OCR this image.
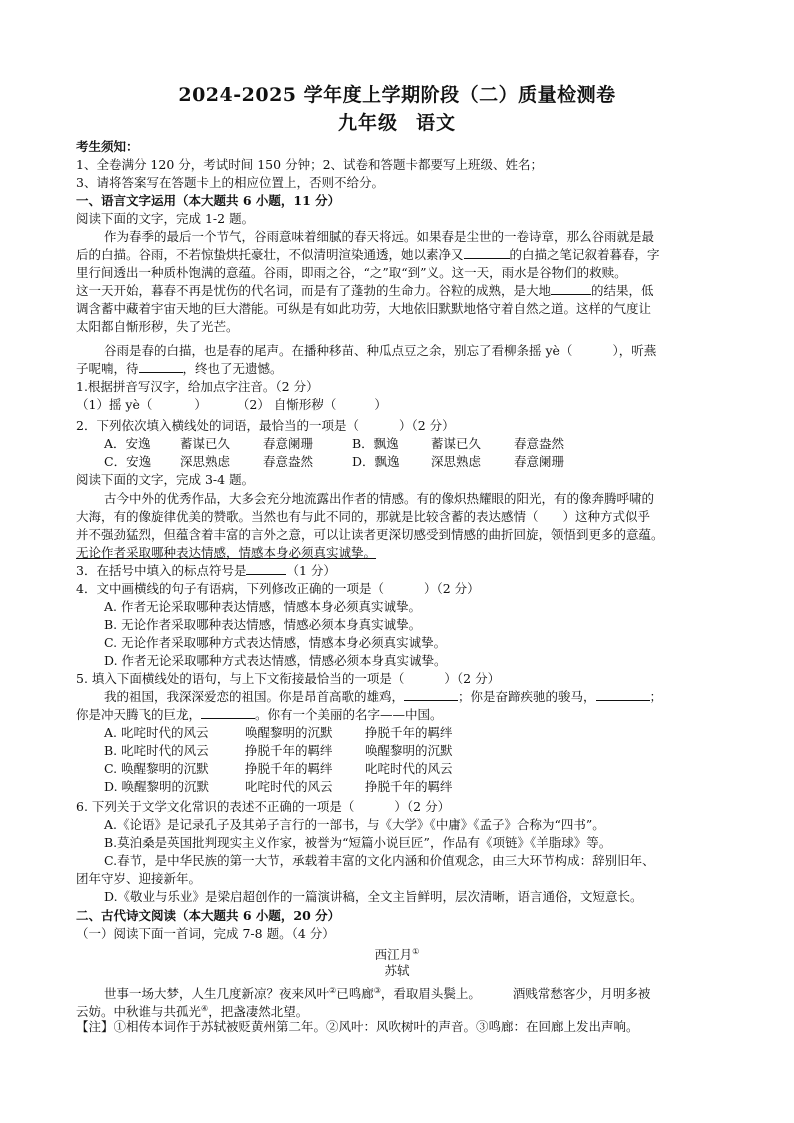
2024-2025 学年度上学期阶段（二）质量检测卷
九年级 语文
考生须知：
1、全卷满分 120 分，考试时间 150 分钟；2、试卷和答题卡都要写上班级、姓名；
3、请将答案写在答题卡上的相应位置上，否则不给分。
一、语言文字运用（本大题共 6 小题，11 分）
阅读下面的文字，完成 1-2 题。
作为春季的最后一个节气，谷雨意味着细腻的春天将远。如果春是尘世的一卷诗章，那么谷雨就是最
后的白描。谷雨，不若惊蛰烘托豪壮，不似清明渲染通透，她以素净又	的白描之笔记叙着暮春，字
里行间透出一种质朴饱满的意蕴。谷雨，即雨之谷，“之”取“到”义。这一天，雨水是谷物们的救赎。
这一天开始，暮春不再是忧伤的代名词，而是有了蓬勃的生命力。谷粒的成熟，是大地	的结果，低
调含蓄中藏着宇宙天地的巨大潜能。可纵是有如此功劳，大地依旧默默地恪守着自然之道。这样的气度让
太阳都自惭形秽，失了光芒。
谷雨是春的白描，也是春的尾声。在播种移苗、种瓜点豆之余，别忘了看柳条摇 yè（	），听燕
子呢喃，待	，终也了无遗憾。
1.根据拼音写汉字，给加点字注音。（2 分）
（1）摇 yè（	） （2） 自惭形秽（	）
2．下列依次填入横线处的词语，最恰当的一项是（	）（2 分）
A．安逸 蓄谋已久	春意阑珊	B．飘逸	蓄谋已久	春意盎然
C．安逸 深思熟虑	春意盎然	D．飘逸	深思熟虑	春意阑珊
阅读下面的文字，完成 3-4 题。
古今中外的优秀作品，大多会充分地流露出作者的情感。有的像炽热耀眼的阳光，有的像奔腾呼啸的
大海，有的像旋律优美的赞歌。当然也有与此不同的，那就是比较含蓄的表达感情（ ）这种方式似乎
并不强劲猛烈，但蕴含着丰富的言外之意，可以让读者更深切感受到情感的曲折回旋，领悟到更多的意蕴。
无论作者采取哪种表达情感，情感本身必须真实诚挚。
3．在括号中填入的标点符号是	（1 分）
4．文中画横线的句子有语病，下列修改正确的一项是（	）（2 分）
A. 作者无论采取哪种表达情感，情感本身必须真实诚挚。
B. 无论作者采取哪种表达情感，情感必须本身真实诚挚。
C. 无论作者采取哪种方式表达情感，情感本身必须真实诚挚。
D. 作者无论采取哪种方式表达情感，情感必须本身真实诚挚。
5. 填入下面横线处的语句，与上下文衔接最恰当的一项是（	）（2 分）
我的祖国，我深深爱恋的祖国。你是昂首高歌的雄鸡，	；你是奋蹄疾驰的骏马，	；
你是冲天腾飞的巨龙，	。你有一个美丽的名字——中国。
A. 叱咤时代的风云	唤醒黎明的沉默	挣脱千年的羁绊
B. 叱咤时代的风云	挣脱千年的羁绊	唤醒黎明的沉默
C. 唤醒黎明的沉默	挣脱千年的羁绊	叱咤时代的风云
D. 唤醒黎明的沉默	叱咤时代的风云	挣脱千年的羁绊
6. 下列关于文学文化常识的表述不正确的一项是（	）（2 分）
A.《论语》是记录孔子及其弟子言行的一部书，与《大学》《中庸》《孟子》合称为“四书”。
B.莫泊桑是英国批判现实主义作家，被誉为“短篇小说巨匠”，作品有《项链》《羊脂球》等。
C.春节，是中华民族的第一大节，承载着丰富的文化内涵和价值观念，由三大环节构成：辞别旧年、
团年守岁、迎接新年。
D.《敬业与乐业》是梁启超创作的一篇演讲稿，全文主旨鲜明，层次清晰，语言通俗，文短意长。
二、古代诗文阅读（本大题共 6 小题，20 分）
（一）阅读下面一首词，完成 7-8 题。（4 分）
西江月①
苏轼
世事一场大梦，人生几度新凉？夜来风叶②已鸣廊③，看取眉头鬓上。	酒贱常愁客少，月明多被
云妨。中秋谁与共孤光④，把盏凄然北望。
【注】①相传本词作于苏轼被贬黄州第二年。②风叶：风吹树叶的声音。③鸣廊：在回廊上发出声响。
